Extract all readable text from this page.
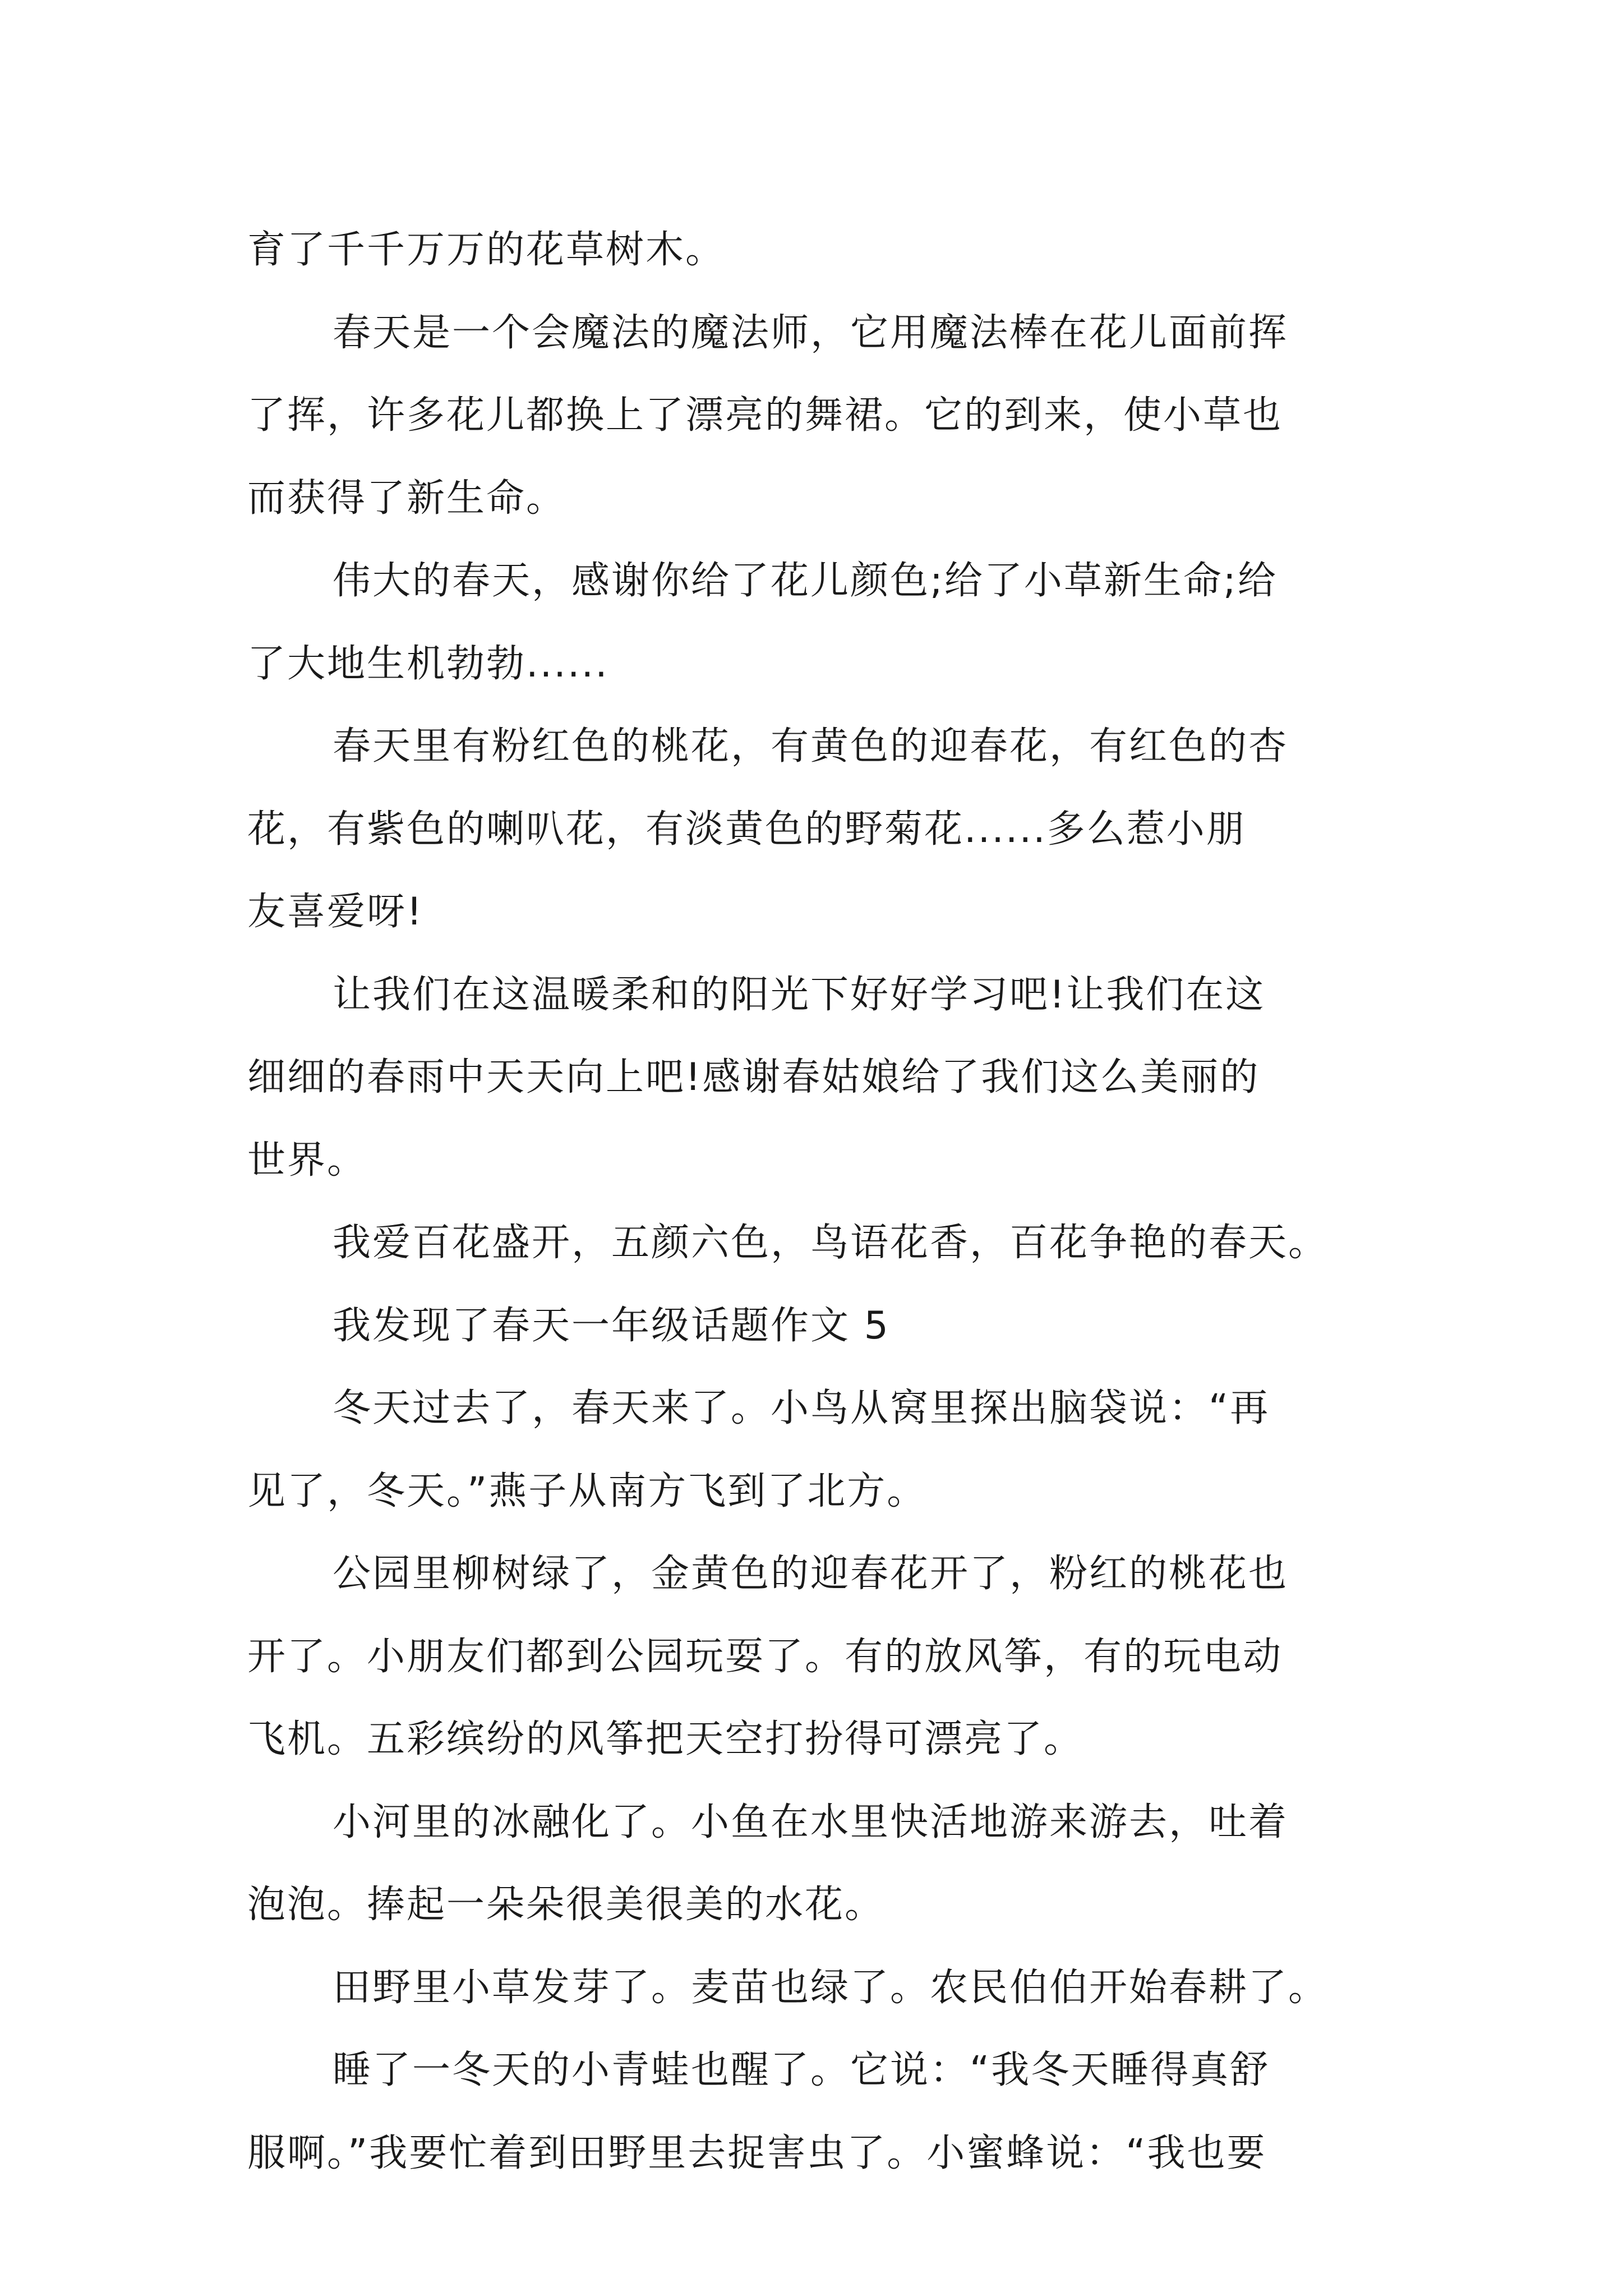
育了千千万万的花草树木。
春天是一个会魔法的魔法师，它用魔法棒在花儿面前挥
了挥，许多花儿都换上了漂亮的舞裙。它的到来，使小草也
而获得了新生命。
伟大的春天，感谢你给了花儿颜色;给了小草新生命;给
了大地生机勃勃......
春天里有粉红色的桃花，有黄色的迎春花，有红色的杏
花，有紫色的喇叭花，有淡黄色的野菊花......多么惹小朋
友喜爱呀!
让我们在这温暖柔和的阳光下好好学习吧!让我们在这
细细的春雨中天天向上吧!感谢春姑娘给了我们这么美丽的
世界。
我爱百花盛开，五颜六色，鸟语花香，百花争艳的春天。
我发现了春天一年级话题作文 5
冬天过去了，春天来了。小鸟从窝里探出脑袋说：“再
见了，冬天。”燕子从南方飞到了北方。
公园里柳树绿了，金黄色的迎春花开了，粉红的桃花也
开了。小朋友们都到公园玩耍了。有的放风筝，有的玩电动
飞机。五彩缤纷的风筝把天空打扮得可漂亮了。
小河里的冰融化了。小鱼在水里快活地游来游去，吐着
泡泡。捧起一朵朵很美很美的水花。
田野里小草发芽了。麦苗也绿了。农民伯伯开始春耕了。
睡了一冬天的小青蛙也醒了。它说：“我冬天睡得真舒
服啊。”我要忙着到田野里去捉害虫了。小蜜蜂说：“我也要
